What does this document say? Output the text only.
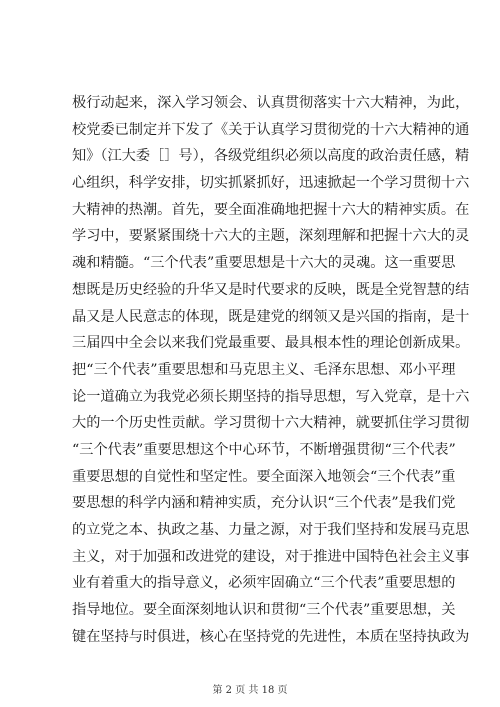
极行动起来，深入学习领会、认真贯彻落实十六大精神，为此，
校党委已制定并下发了《关于认真学习贯彻党的十六大精神的通
知》（江大委［］号），各级党组织必须以高度的政治责任感，精
心组织，科学安排，切实抓紧抓好，迅速掀起一个学习贯彻十六
大精神的热潮。首先，要全面准确地把握十六大的精神实质。在
学习中，要紧紧围绕十六大的主题，深刻理解和把握十六大的灵
魂和精髓。“三个代表”重要思想是十六大的灵魂。这一重要思
想既是历史经验的升华又是时代要求的反映，既是全党智慧的结
晶又是人民意志的体现，既是建党的纲领又是兴国的指南，是十
三届四中全会以来我们党最重要、最具根本性的理论创新成果。
把“三个代表”重要思想和马克思主义、毛泽东思想、邓小平理
论一道确立为我党必须长期坚持的指导思想，写入党章，是十六
大的一个历史性贡献。学习贯彻十六大精神，就要抓住学习贯彻
“三个代表”重要思想这个中心环节，不断增强贯彻“三个代表”
重要思想的自觉性和坚定性。要全面深入地领会“三个代表”重
要思想的科学内涵和精神实质，充分认识“三个代表”是我们党
的立党之本、执政之基、力量之源，对于我们坚持和发展马克思
主义，对于加强和改进党的建设，对于推进中国特色社会主义事
业有着重大的指导意义，必须牢固确立“三个代表”重要思想的
指导地位。要全面深刻地认识和贯彻“三个代表”重要思想，关
键在坚持与时俱进，核心在坚持党的先进性，本质在坚持执政为
第 2 页 共 18 页
